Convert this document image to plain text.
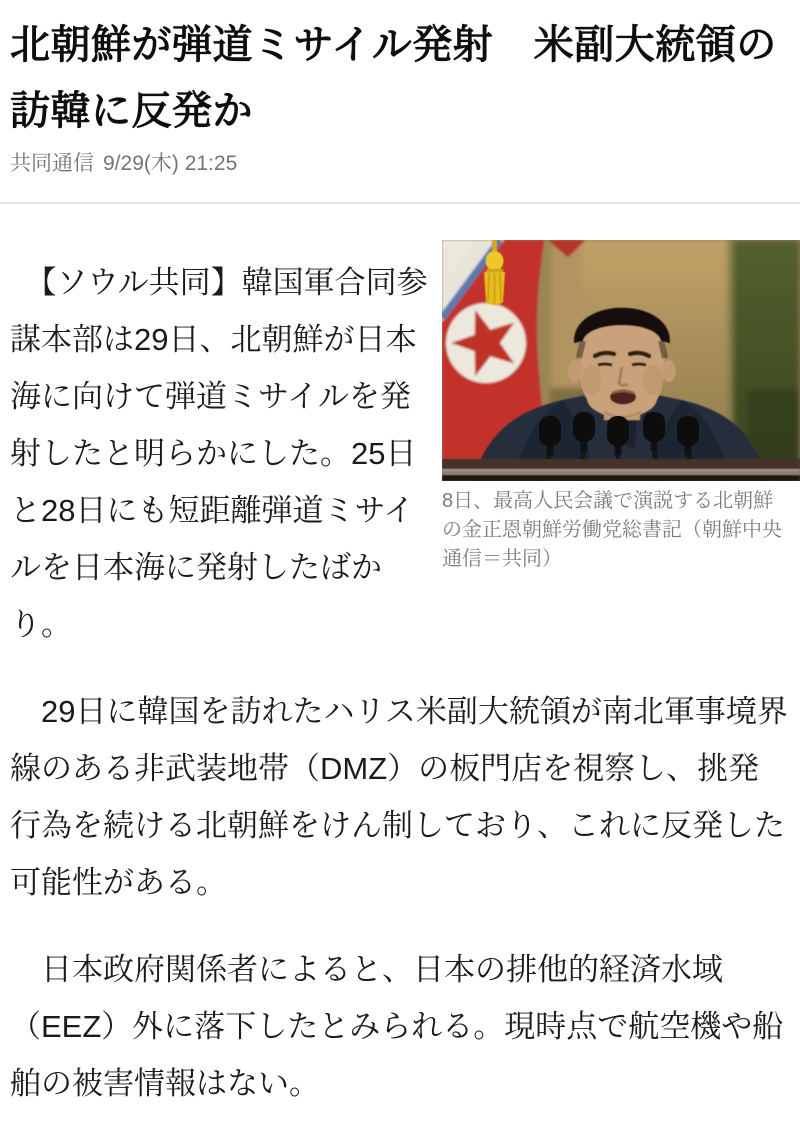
北朝鮮が弾道ミサイル発射　米副大統領の訪韓に反発か
共同通信 9/29(木) 21:25
8日、最高人民会議で演説する北朝鮮の金正恩朝鮮労働党総書記（朝鮮中央通信＝共同）

　【ソウル共同】韓国軍合同参謀本部は29日、北朝鮮が日本海に向けて弾道ミサイルを発射したと明らかにした。25日と28日にも短距離弾道ミサイルを日本海に発射したばかり。

　29日に韓国を訪れたハリス米副大統領が南北軍事境界線のある非武装地帯（DMZ）の板門店を視察し、挑発行為を続ける北朝鮮をけん制しており、これに反発した可能性がある。

　日本政府関係者によると、日本の排他的経済水域（EEZ）外に落下したとみられる。現時点で航空機や船舶の被害情報はない。
